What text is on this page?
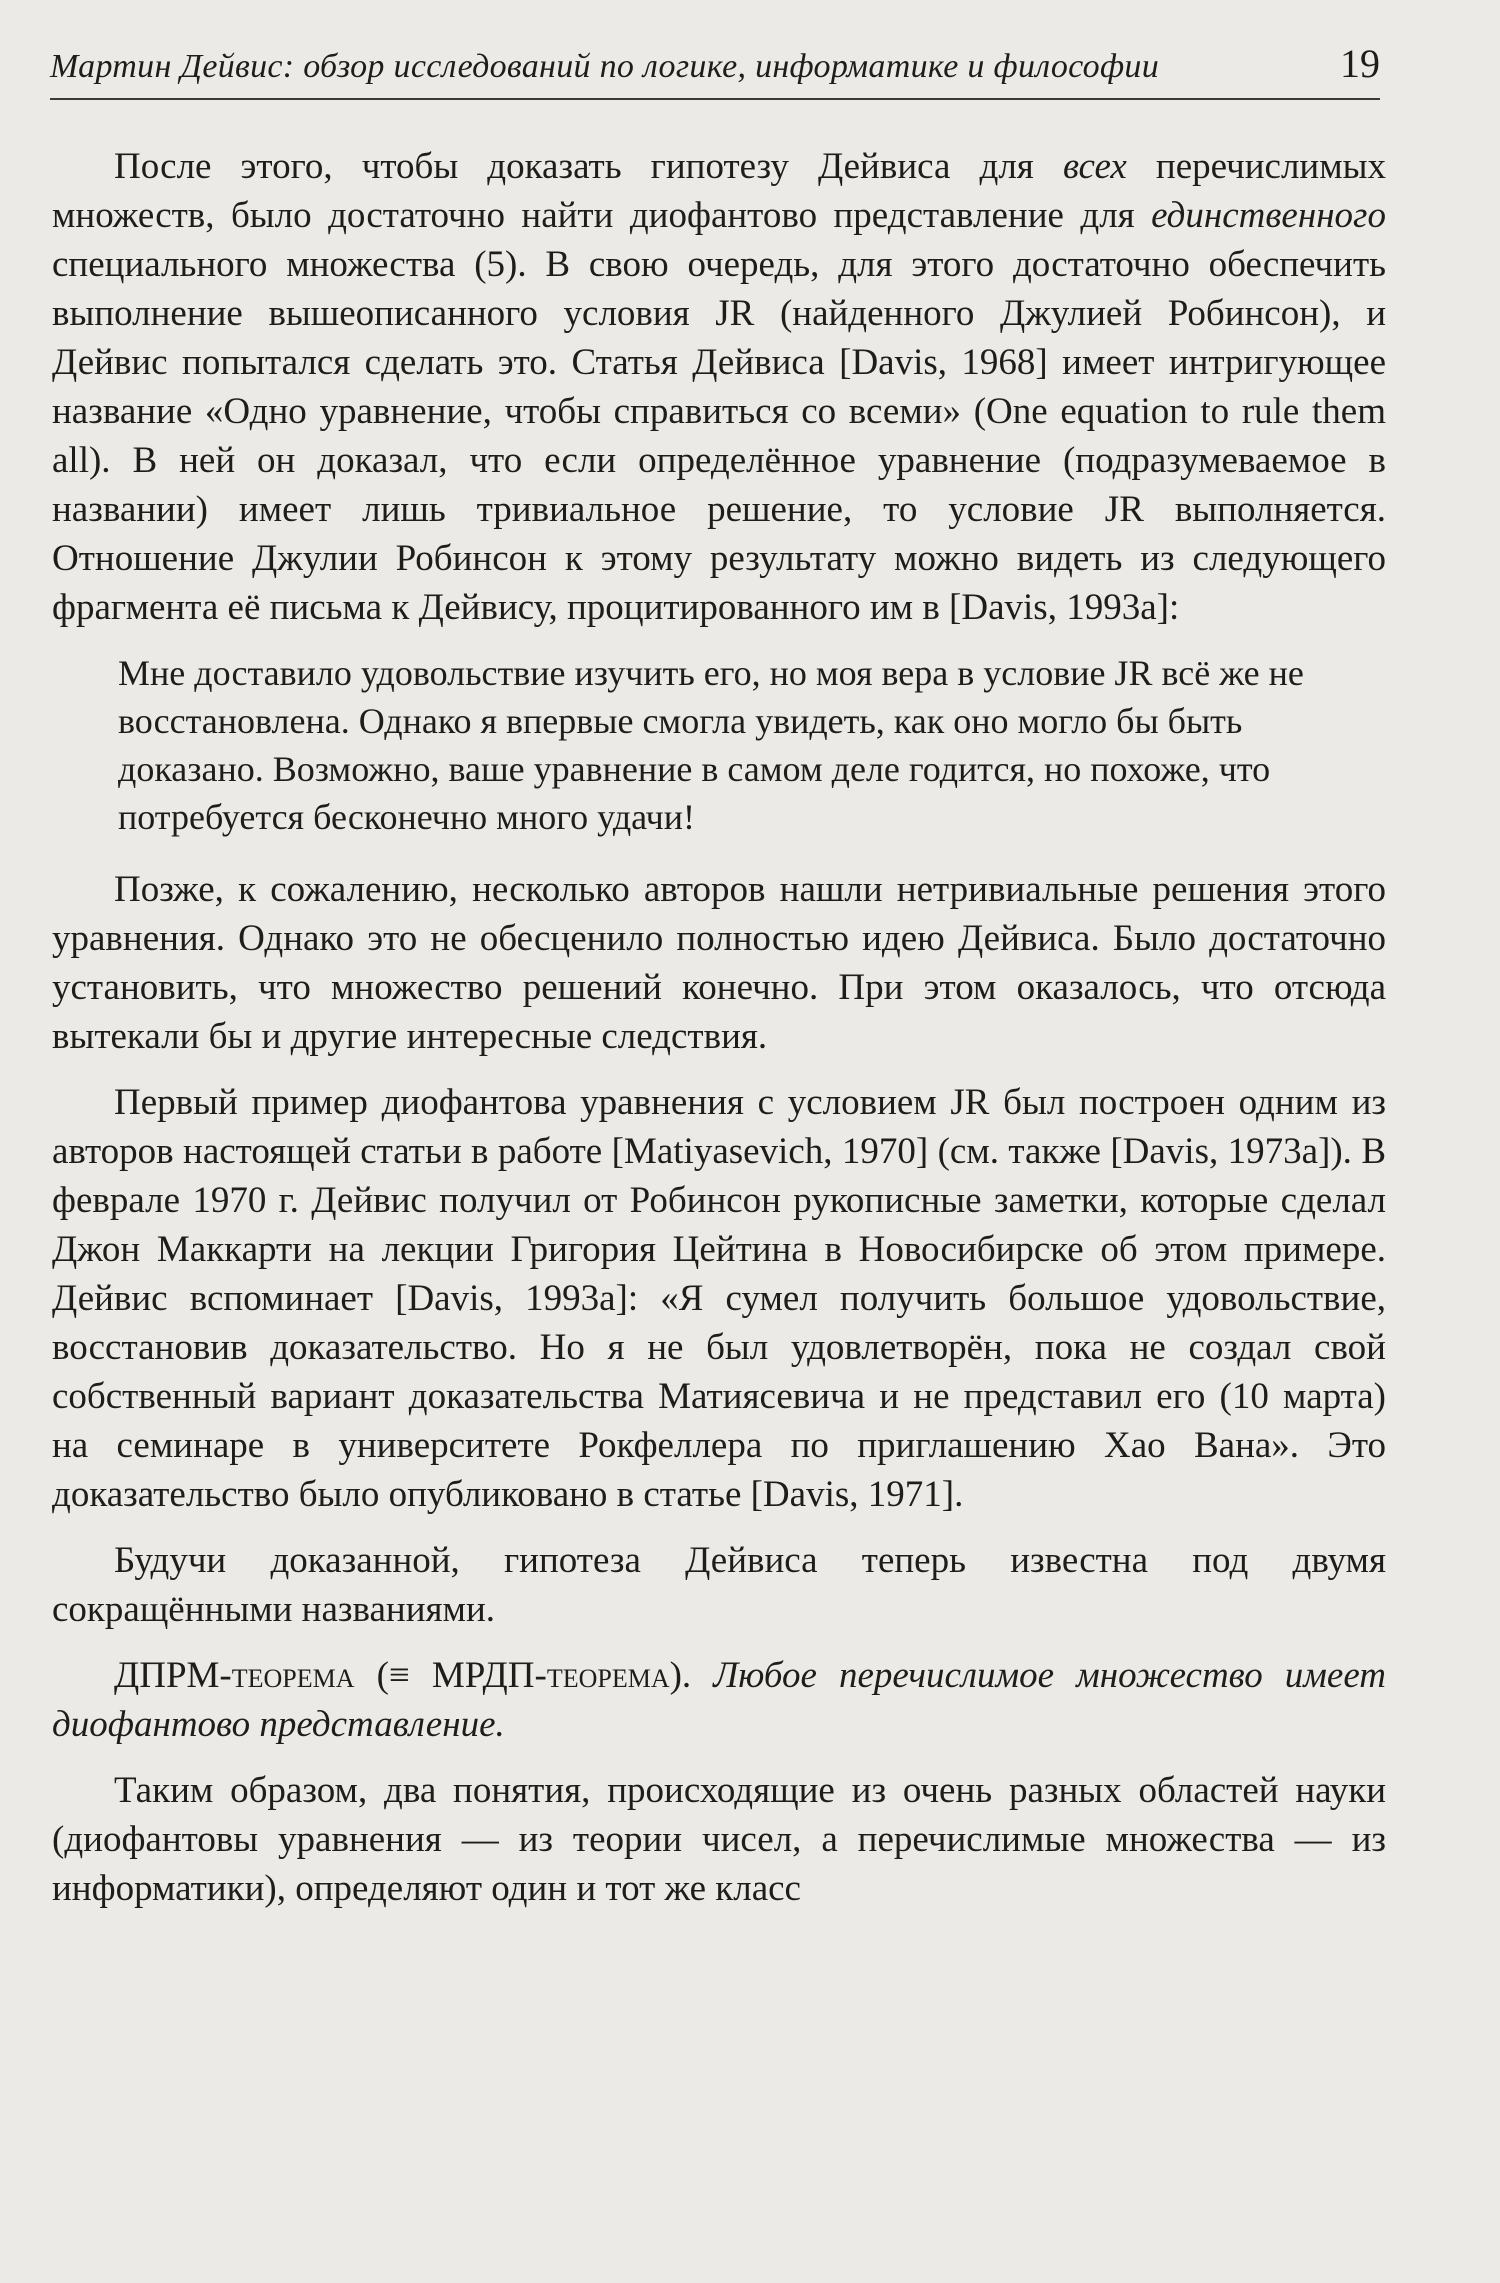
Мартин Дейвис: обзор исследований по логике, информатике и философии	19

После этого, чтобы доказать гипотезу Дейвиса для всех перечислимых множеств, было достаточно найти диофантово представление для единственного специального множества (5). В свою очередь, для этого достаточно обеспечить выполнение вышеописанного условия JR (найденного Джулией Робинсон), и Дейвис попытался сделать это. Статья Дейвиса [Davis, 1968] имеет интригующее название «Одно уравнение, чтобы справиться со всеми» (One equation to rule them all). В ней он доказал, что если определённое уравнение (подразумеваемое в названии) имеет лишь тривиальное решение, то условие JR выполняется. Отношение Джулии Робинсон к этому результату можно видеть из следующего фрагмента её письма к Дейвису, процитированного им в [Davis, 1993a]:

Мне доставило удовольствие изучить его, но моя вера в условие JR всё же не восстановлена. Однако я впервые смогла увидеть, как оно могло бы быть доказано. Возможно, ваше уравнение в самом деле годится, но похоже, что потребуется бесконечно много удачи!

Позже, к сожалению, несколько авторов нашли нетривиальные решения этого уравнения. Однако это не обесценило полностью идею Дейвиса. Было достаточно установить, что множество решений конечно. При этом оказалось, что отсюда вытекали бы и другие интересные следствия.

Первый пример диофантова уравнения с условием JR был построен одним из авторов настоящей статьи в работе [Matiyasevich, 1970] (см. также [Davis, 1973a]). В феврале 1970 г. Дейвис получил от Робинсон рукописные заметки, которые сделал Джон Маккарти на лекции Григория Цейтина в Новосибирске об этом примере. Дейвис вспоминает [Davis, 1993a]: «Я сумел получить большое удовольствие, восстановив доказательство. Но я не был удовлетворён, пока не создал свой собственный вариант доказательства Матиясевича и не представил его (10 марта) на семинаре в университете Рокфеллера по приглашению Хао Вана». Это доказательство было опубликовано в статье [Davis, 1971].

Будучи доказанной, гипотеза Дейвиса теперь известна под двумя сокращёнными названиями.

ДПРМ-теорема (≡ МРДП-теорема). Любое перечислимое множество имеет диофантово представление.

Таким образом, два понятия, происходящие из очень разных областей науки (диофантовы уравнения — из теории чисел, а перечислимые множества — из информатики), определяют один и тот же класс
